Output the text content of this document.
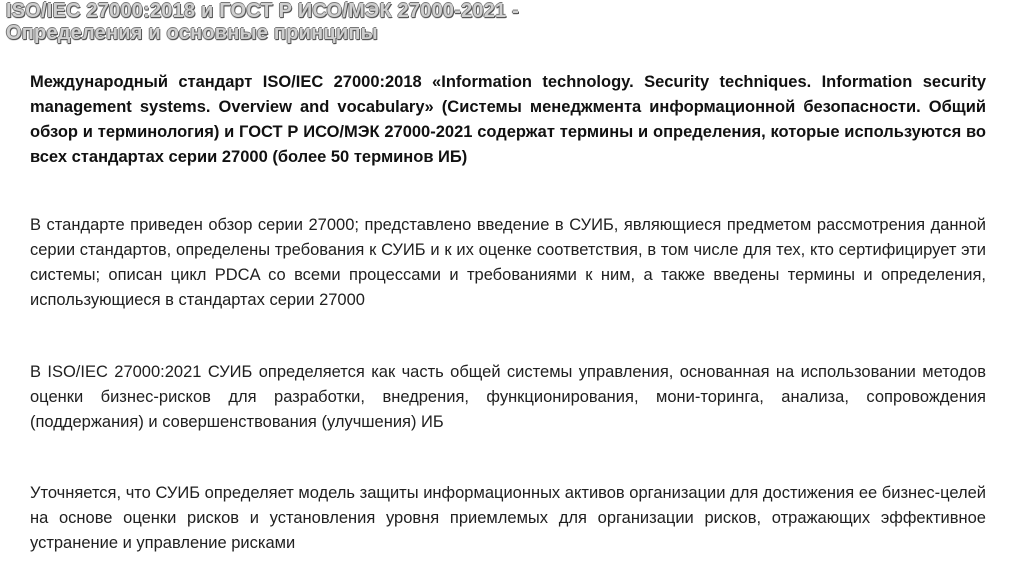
ISO/IEC 27000:2018 и ГОСТ Р ИСО/МЭК 27000-2021 -
Определения и основные принципы

Международный стандарт ISO/IEC 27000:2018 «Information technology. Security techniques. Information security management systems. Overview and vocabulary» (Системы менеджмента информационной безопасности. Общий обзор и терминология) и ГОСТ Р ИСО/МЭК 27000-2021 содержат термины и определения, которые используются во всех стандартах серии 27000 (более 50 терминов ИБ)

В стандарте приведен обзор серии 27000; представлено введение в СУИБ, являющиеся предметом рассмотрения данной серии стандартов, определены требования к СУИБ и к их оценке соответствия, в том числе для тех, кто сертифицирует эти системы; описан цикл PDCA со всеми процессами и требованиями к ним, а также введены термины и определения, использующиеся в стандартах серии 27000

В ISO/IEC 27000:2021 СУИБ определяется как часть общей системы управления, основанная на использовании методов оценки бизнес-рисков для разработки, внедрения, функционирования, мони-торинга, анализа, сопровождения (поддержания) и совершенствования (улучшения) ИБ

Уточняется, что СУИБ определяет модель защиты информационных активов организации для достижения ее бизнес-целей на основе оценки рисков и установления уровня приемлемых для организации рисков, отражающих эффективное устранение и управление рисками
